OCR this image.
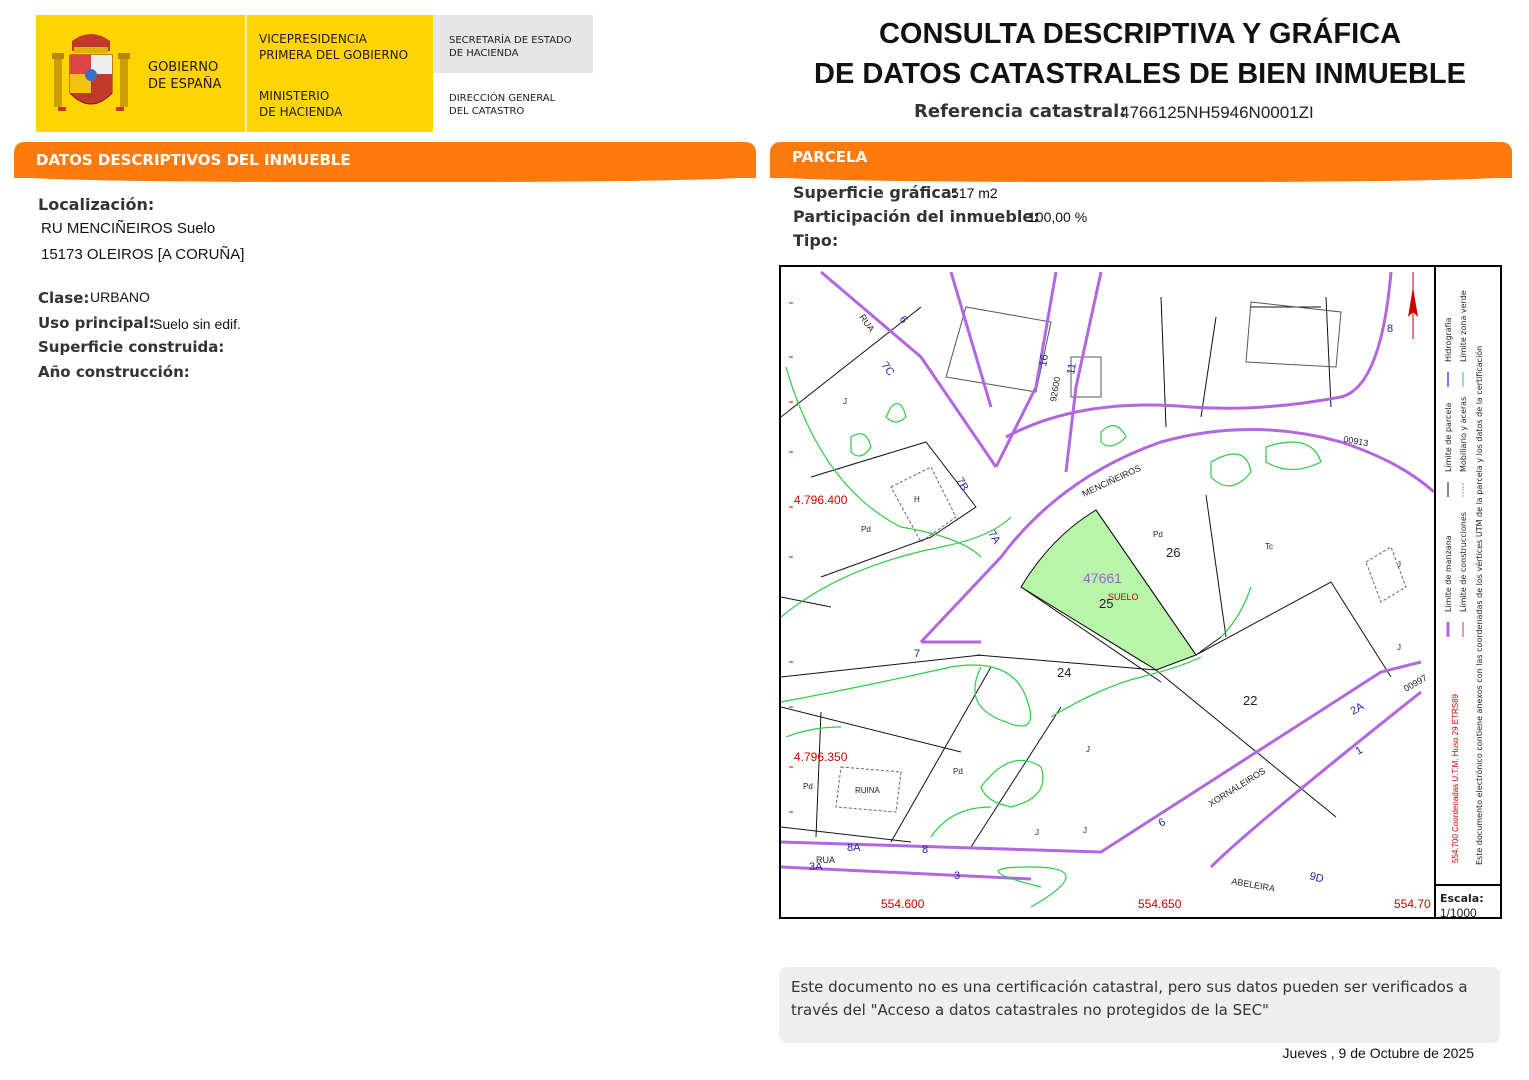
GOBIERNO
DE ESPAÑA
VICEPRESIDENCIA
PRIMERA DEL GOBIERNO
MINISTERIO
DE HACIENDA
SECRETARÍA DE ESTADO
DE HACIENDA
DIRECCIÓN GENERAL
DEL CATASTRO
CONSULTA DESCRIPTIVA Y GRÁFICA
DE DATOS CATASTRALES DE BIEN INMUEBLE
Referencia catastral:
4766125NH5946N0001ZI
DATOS DESCRIPTIVOS DEL INMUEBLE
Localización:
RU MENCIÑEIROS Suelo
15173 OLEIROS [A CORUÑA]
Clase: URBANO
Uso principal:
Suelo sin edif.
Superficie construida:
Año construcción:
PARCELA
Superficie gráfica:
517 m2
Participación del inmueble:
100,00 %
Tipo:
47661
SUELO
26
25
24
22
RUA
MENCIÑEIROS
XORNALEIROS
ABELEIRA
RUA
00913
00997
92600
6
7C
7B
7A
7
16
11
8
2A
1
6
8A	8
3A
3	9D
J
H
Pd
Pd
Tc
J
J
J
Pd
Pd	RUINA
J	J
4.796.400
4.796.350
554.600	554.650	554.70
Límite de manzana
Límite de parcela
Hidrografía
Límite de construcciones
Mobiliario y aceras
Límite zona verde
Este documento electrónico contiene anexos con las coordenadas de los vértices UTM de la parcela y los datos de la certificación
554.700 Coordenadas U.T.M. Huso 29 ETRS89
Escala:
1/1000
Este documento no es una certificación catastral, pero sus datos pueden ser verificados a través del "Acceso a datos catastrales no protegidos de la SEC"
Jueves , 9 de Octubre de 2025
